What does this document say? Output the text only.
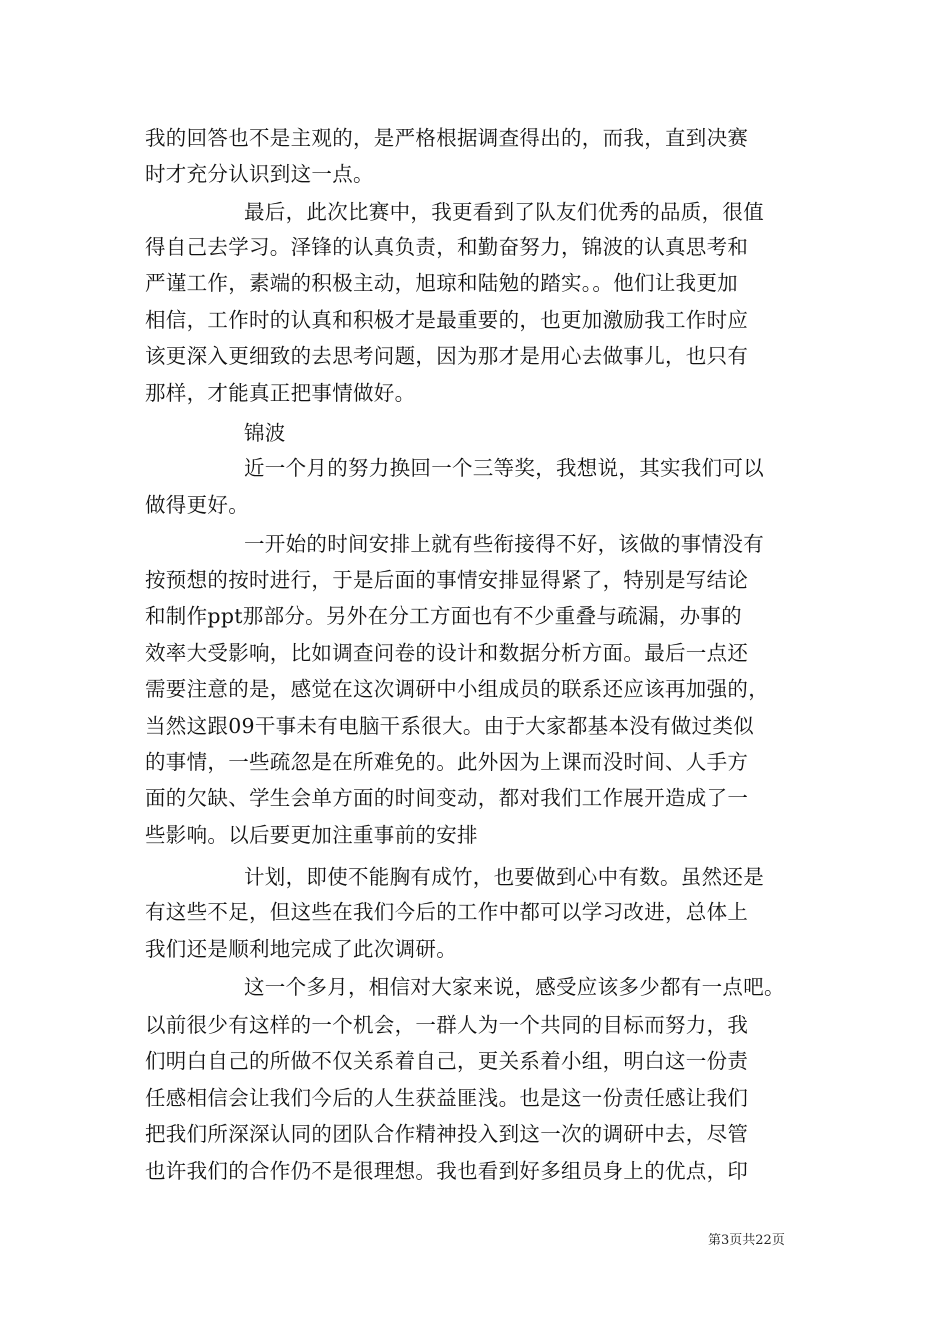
我的回答也不是主观的，是严格根据调查得出的，而我，直到决赛
时才充分认识到这一点。
最后，此次比赛中，我更看到了队友们优秀的品质，很值
得自己去学习。泽锋的认真负责，和勤奋努力，锦波的认真思考和
严谨工作，素端的积极主动，旭琼和陆勉的踏实。。他们让我更加
相信，工作时的认真和积极才是最重要的，也更加激励我工作时应
该更深入更细致的去思考问题，因为那才是用心去做事儿，也只有
那样，才能真正把事情做好。
锦波
近一个月的努力换回一个三等奖，我想说，其实我们可以
做得更好。
一开始的时间安排上就有些衔接得不好，该做的事情没有
按预想的按时进行，于是后面的事情安排显得紧了，特别是写结论
和制作ppt那部分。另外在分工方面也有不少重叠与疏漏，办事的
效率大受影响，比如调查问卷的设计和数据分析方面。最后一点还
需要注意的是，感觉在这次调研中小组成员的联系还应该再加强的，
当然这跟09干事未有电脑干系很大。由于大家都基本没有做过类似
的事情，一些疏忽是在所难免的。此外因为上课而没时间、人手方
面的欠缺、学生会单方面的时间变动，都对我们工作展开造成了一
些影响。以后要更加注重事前的安排
计划，即使不能胸有成竹，也要做到心中有数。虽然还是
有这些不足，但这些在我们今后的工作中都可以学习改进，总体上
我们还是顺利地完成了此次调研。
这一个多月，相信对大家来说，感受应该多少都有一点吧。
以前很少有这样的一个机会，一群人为一个共同的目标而努力，我
们明白自己的所做不仅关系着自己，更关系着小组，明白这一份责
任感相信会让我们今后的人生获益匪浅。也是这一份责任感让我们
把我们所深深认同的团队合作精神投入到这一次的调研中去，尽管
也许我们的合作仍不是很理想。我也看到好多组员身上的优点，印
第3页共22页
